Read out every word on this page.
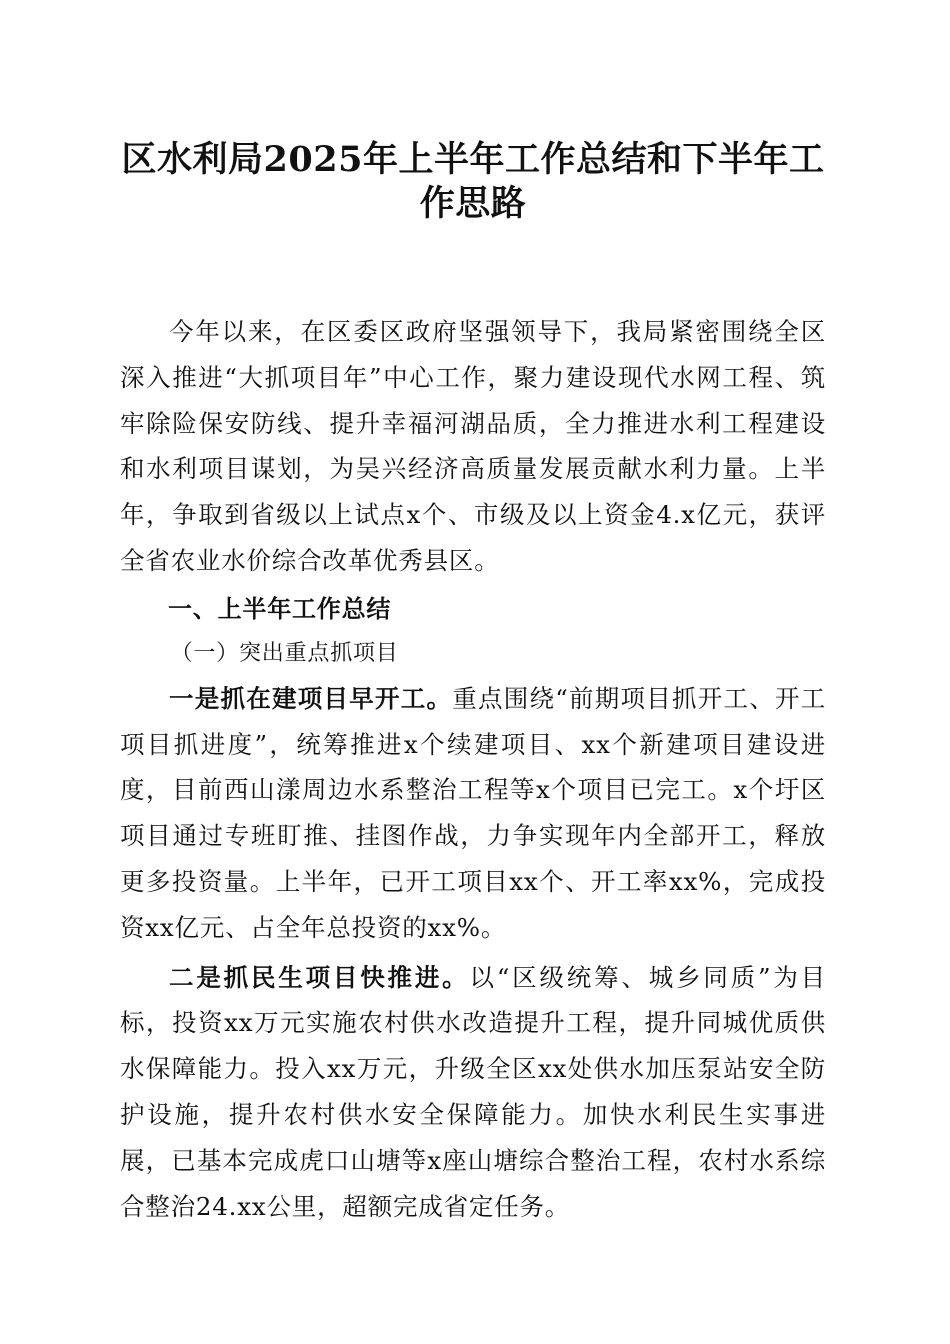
区水利局2025年上半年工作总结和下半年工
作思路

今年以来，在区委区政府坚强领导下，我局紧密围绕全区深入推进“大抓项目年”中心工作，聚力建设现代水网工程、筑牢除险保安防线、提升幸福河湖品质，全力推进水利工程建设和水利项目谋划，为吴兴经济高质量发展贡献水利力量。上半年，争取到省级以上试点x个、市级及以上资金4.x亿元，获评全省农业水价综合改革优秀县区。

一、上半年工作总结

（一）突出重点抓项目

一是抓在建项目早开工。重点围绕“前期项目抓开工、开工项目抓进度”，统筹推进x个续建项目、xx个新建项目建设进度，目前西山漾周边水系整治工程等x个项目已完工。x个圩区项目通过专班盯推、挂图作战，力争实现年内全部开工，释放更多投资量。上半年，已开工项目xx个、开工率xx%，完成投资xx亿元、占全年总投资的xx%。

二是抓民生项目快推进。以“区级统筹、城乡同质”为目标，投资xx万元实施农村供水改造提升工程，提升同城优质供水保障能力。投入xx万元，升级全区xx处供水加压泵站安全防护设施，提升农村供水安全保障能力。加快水利民生实事进展，已基本完成虎口山塘等x座山塘综合整治工程，农村水系综合整治24.xx公里，超额完成省定任务。
